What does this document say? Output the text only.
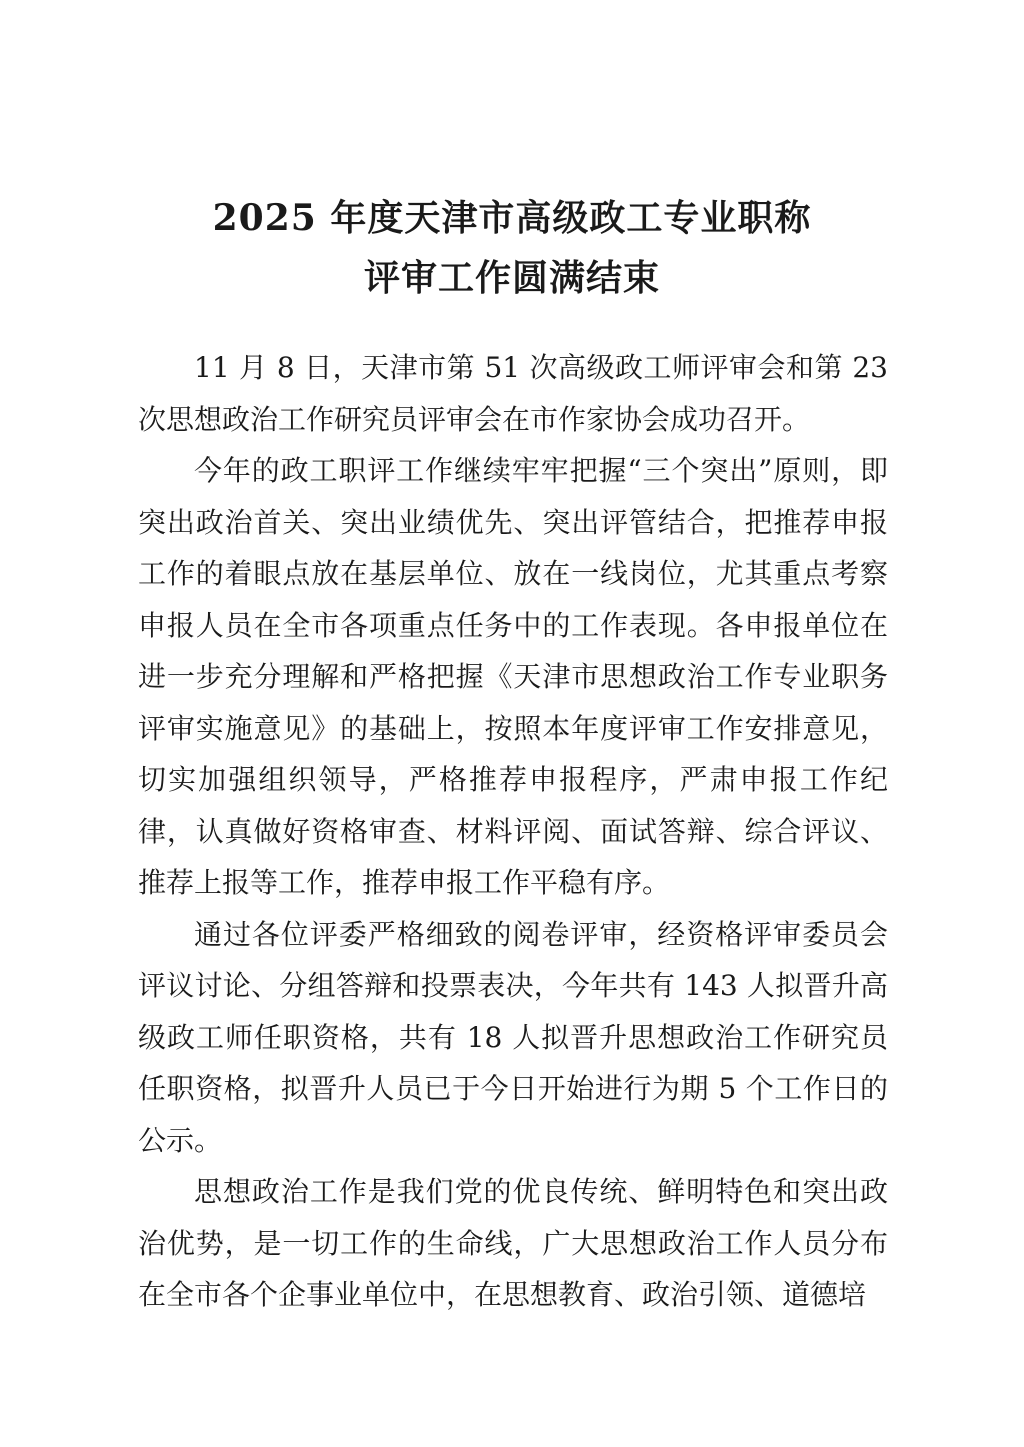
2025 年度天津市高级政工专业职称
评审工作圆满结束

11 月 8 日，天津市第 51 次高级政工师评审会和第 23 次思想政治工作研究员评审会在市作家协会成功召开。

今年的政工职评工作继续牢牢把握“三个突出”原则，即突出政治首关、突出业绩优先、突出评管结合，把推荐申报工作的着眼点放在基层单位、放在一线岗位，尤其重点考察申报人员在全市各项重点任务中的工作表现。各申报单位在进一步充分理解和严格把握《天津市思想政治工作专业职务评审实施意见》的基础上，按照本年度评审工作安排意见，切实加强组织领导，严格推荐申报程序，严肃申报工作纪律，认真做好资格审查、材料评阅、面试答辩、综合评议、推荐上报等工作，推荐申报工作平稳有序。

通过各位评委严格细致的阅卷评审，经资格评审委员会评议讨论、分组答辩和投票表决，今年共有 143 人拟晋升高级政工师任职资格，共有 18 人拟晋升思想政治工作研究员任职资格，拟晋升人员已于今日开始进行为期 5 个工作日的公示。

思想政治工作是我们党的优良传统、鲜明特色和突出政治优势，是一切工作的生命线，广大思想政治工作人员分布在全市各个企事业单位中，在思想教育、政治引领、道德培
